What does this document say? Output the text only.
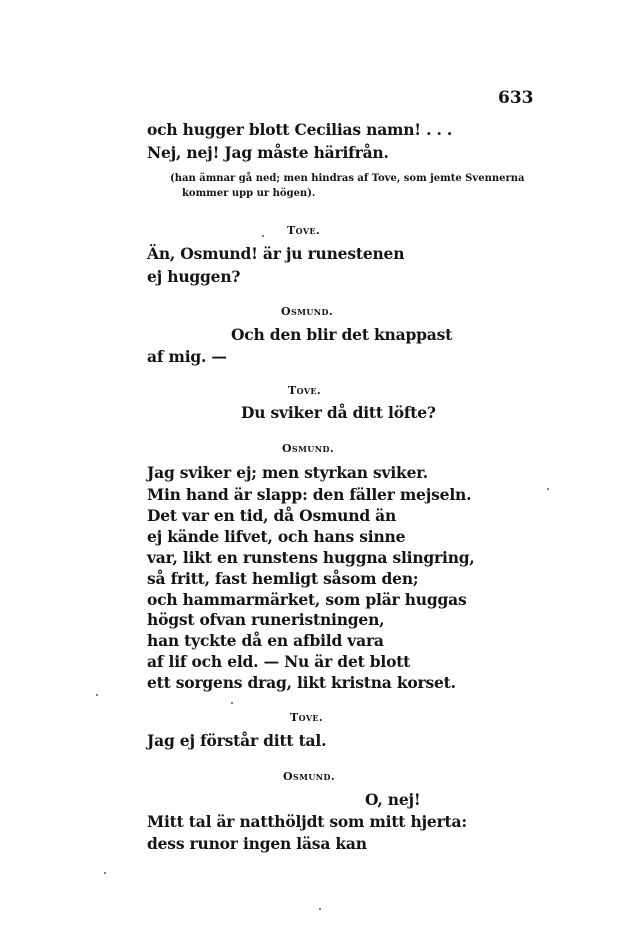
633
och hugger blott Cecilias namn! . . .
Nej, nej! Jag måste härifrån.
(han ämnar gå ned; men hindras af Tove, som jemte Svennerna
kommer upp ur högen).
Tove.
Än, Osmund! är ju runestenen
ej huggen?
Osmund.
Och den blir det knappast
af mig. —
Tove.
Du sviker då ditt löfte?
Osmund.
Jag sviker ej; men styrkan sviker.
Min hand är slapp: den fäller mejseln.
Det var en tid, då Osmund än
ej kände lifvet, och hans sinne
var, likt en runstens huggna slingring,
så fritt, fast hemligt såsom den;
och hammarmärket, som plär huggas
högst ofvan runeristningen,
han tyckte då en afbild vara
af lif och eld. — Nu är det blott
ett sorgens drag, likt kristna korset.
Tove.
Jag ej förstår ditt tal.
Osmund.
O, nej!
Mitt tal är natthöljdt som mitt hjerta:
dess runor ingen läsa kan
